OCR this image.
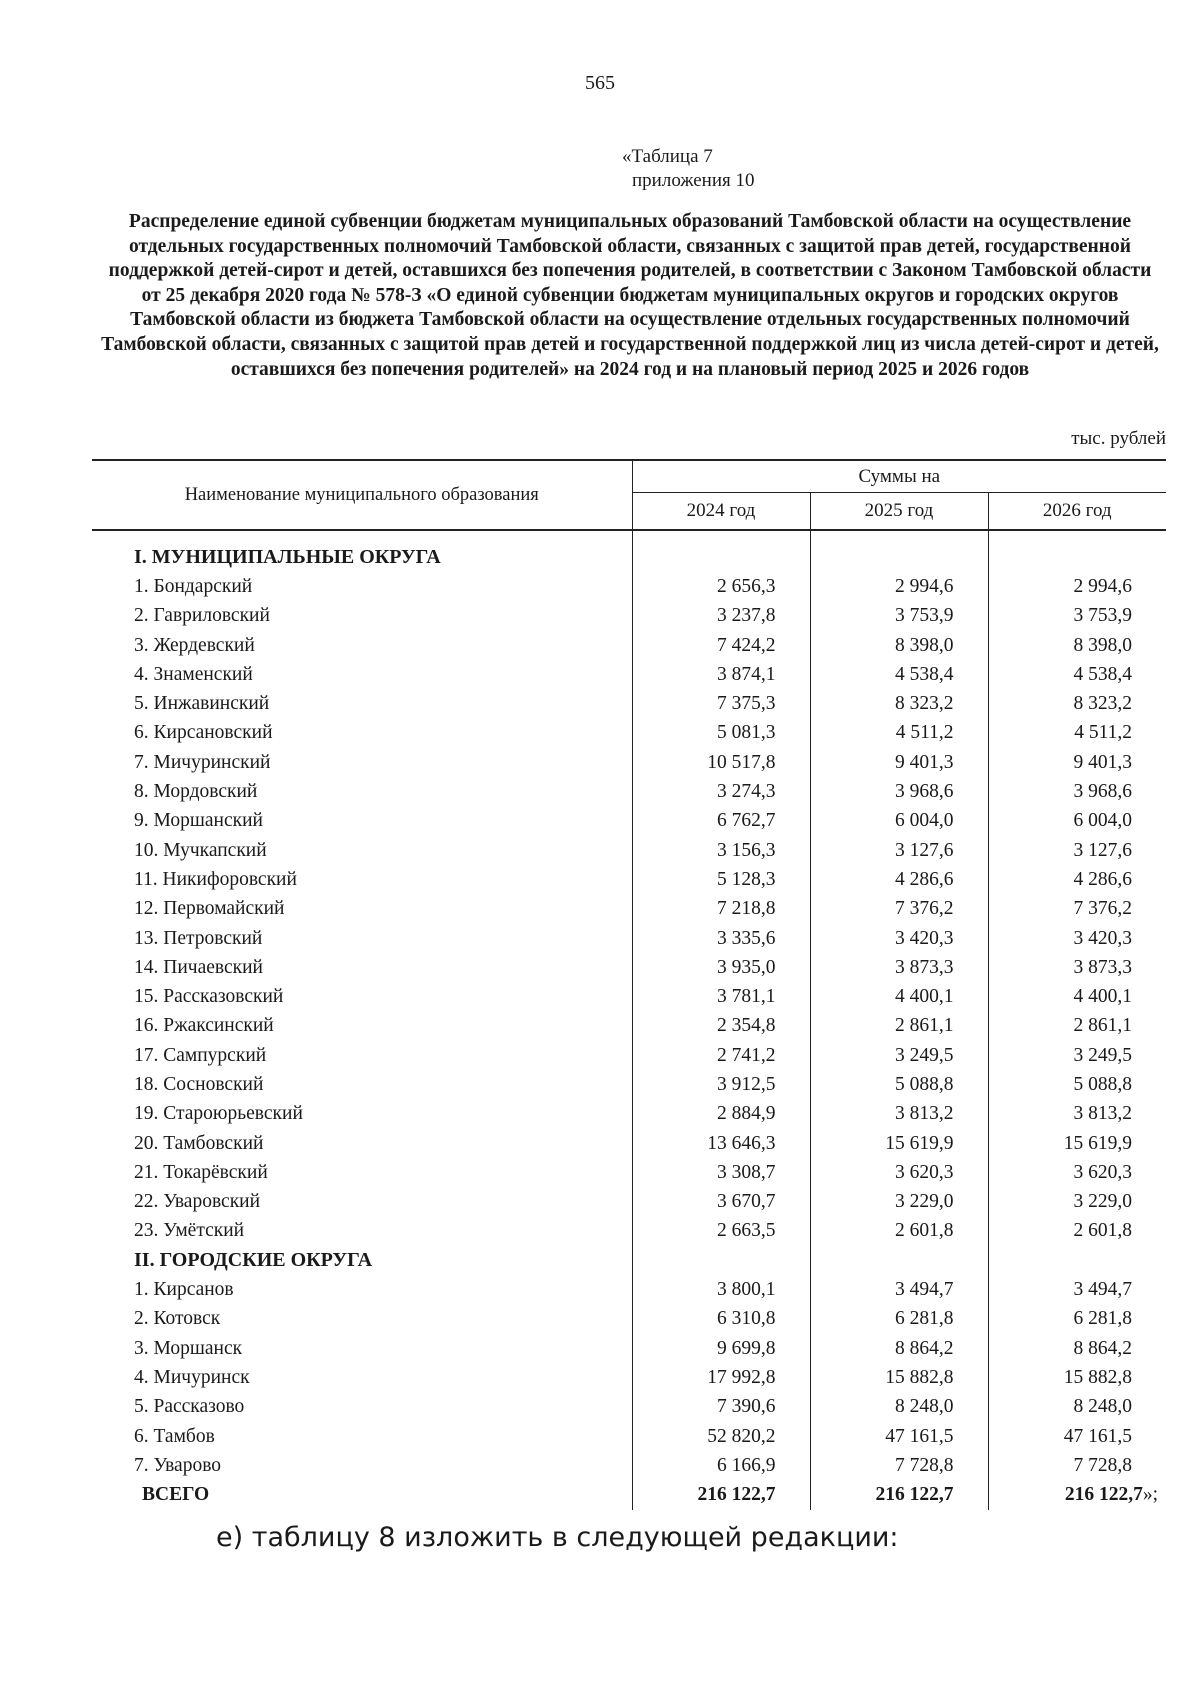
565
«Таблица 7
приложения 10

Распределение единой субвенции бюджетам муниципальных образований Тамбовской области на осуществление отдельных государственных полномочий Тамбовской области, связанных с защитой прав детей, государственной поддержкой детей-сирот и детей, оставшихся без попечения родителей, в соответствии с Законом Тамбовской области от 25 декабря 2020 года № 578-З «О единой субвенции бюджетам муниципальных округов и городских округов Тамбовской области из бюджета Тамбовской области на осуществление отдельных государственных полномочий Тамбовской области, связанных с защитой прав детей и государственной поддержкой лиц из числа детей-сирот и детей, оставшихся без попечения родителей» на 2024 год и на плановый период 2025 и 2026 годов

тыс. рублей
Наименование муниципального образования	Суммы на		
	2024 год	2025 год	2026 год

I. МУНИЦИПАЛЬНЫЕ ОКРУГА			
1. Бондарский	2 656,3	2 994,6	2 994,6
2. Гавриловский	3 237,8	3 753,9	3 753,9
3. Жердевский	7 424,2	8 398,0	8 398,0
4. Знаменский	3 874,1	4 538,4	4 538,4
5. Инжавинский	7 375,3	8 323,2	8 323,2
6. Кирсановский	5 081,3	4 511,2	4 511,2
7. Мичуринский	10 517,8	9 401,3	9 401,3
8. Мордовский	3 274,3	3 968,6	3 968,6
9. Моршанский	6 762,7	6 004,0	6 004,0
10. Мучкапский	3 156,3	3 127,6	3 127,6
11. Никифоровский	5 128,3	4 286,6	4 286,6
12. Первомайский	7 218,8	7 376,2	7 376,2
13. Петровский	3 335,6	3 420,3	3 420,3
14. Пичаевский	3 935,0	3 873,3	3 873,3
15. Рассказовский	3 781,1	4 400,1	4 400,1
16. Ржаксинский	2 354,8	2 861,1	2 861,1
17. Сампурский	2 741,2	3 249,5	3 249,5
18. Сосновский	3 912,5	5 088,8	5 088,8
19. Староюрьевский	2 884,9	3 813,2	3 813,2
20. Тамбовский	13 646,3	15 619,9	15 619,9
21. Токарёвский	3 308,7	3 620,3	3 620,3
22. Уваровский	3 670,7	3 229,0	3 229,0
23. Умётский	2 663,5	2 601,8	2 601,8
II. ГОРОДСКИЕ ОКРУГА			
1. Кирсанов	3 800,1	3 494,7	3 494,7
2. Котовск	6 310,8	6 281,8	6 281,8
3. Моршанск	9 699,8	8 864,2	8 864,2
4. Мичуринск	17 992,8	15 882,8	15 882,8
5. Рассказово	7 390,6	8 248,0	8 248,0
6. Тамбов	52 820,2	47 161,5	47 161,5
7. Уварово	6 166,9	7 728,8	7 728,8
ВСЕГО	216 122,7	216 122,7	216 122,7»;
е) таблицу 8 изложить в следующей редакции:
